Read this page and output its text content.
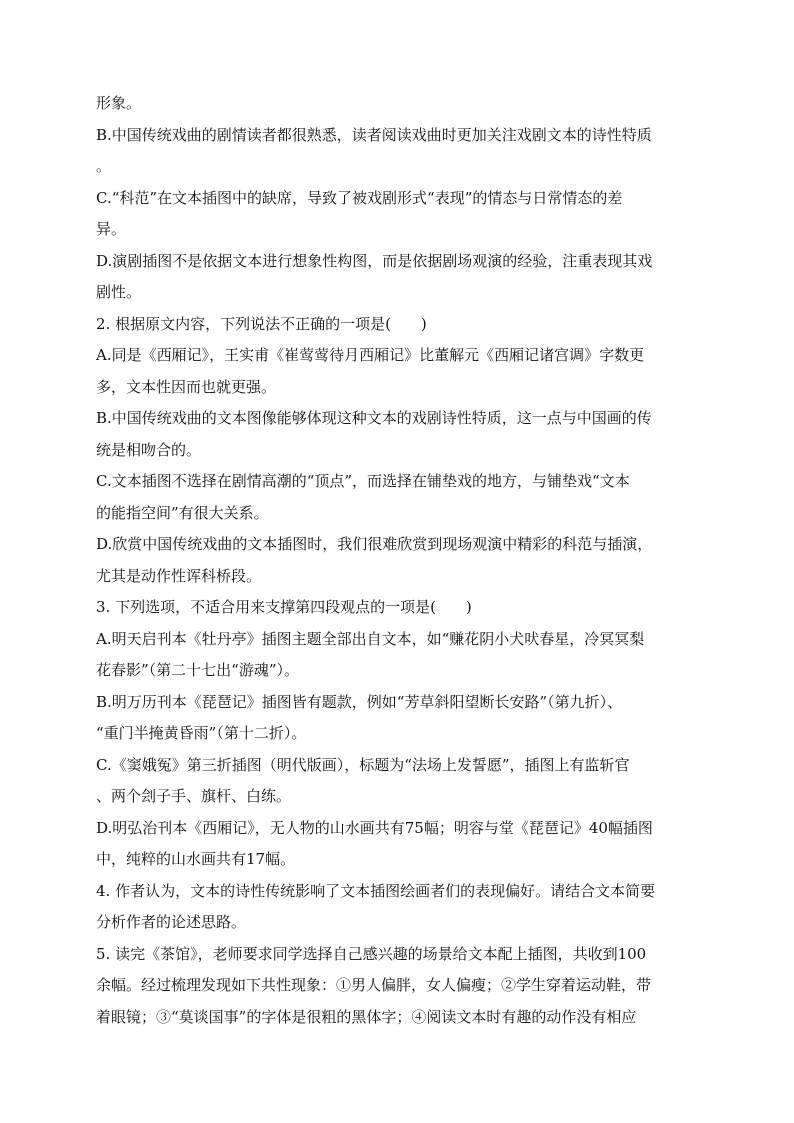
形象。
B.中国传统戏曲的剧情读者都很熟悉，读者阅读戏曲时更加关注戏剧文本的诗性特质
。
C.“科范”在文本插图中的缺席，导致了被戏剧形式“表现”的情态与日常情态的差
异。
D.演剧插图不是依据文本进行想象性构图，而是依据剧场观演的经验，注重表现其戏
剧性。
2. 根据原文内容，下列说法不正确的一项是(　　)
A.同是《西厢记》，王实甫《崔莺莺待月西厢记》比董解元《西厢记诸宫调》字数更
多，文本性因而也就更强。
B.中国传统戏曲的文本图像能够体现这种文本的戏剧诗性特质，这一点与中国画的传
统是相吻合的。
C.文本插图不选择在剧情高潮的“顶点”，而选择在铺垫戏的地方，与铺垫戏“文本
的能指空间”有很大关系。
D.欣赏中国传统戏曲的文本插图时，我们很难欣赏到现场观演中精彩的科范与插演，
尤其是动作性诨科桥段。
3. 下列选项，不适合用来支撑第四段观点的一项是(　　)
A.明天启刊本《牡丹亭》插图主题全部出自文本，如“赚花阴小犬吠春星，冷冥冥梨
花春影”（第二十七出“游魂”）。
B.明万历刊本《琵琶记》插图皆有题款，例如“芳草斜阳望断长安路”（第九折）、
“重门半掩黄昏雨”（第十二折）。
C.《窦娥冤》第三折插图（明代版画），标题为“法场上发誓愿”，插图上有监斩官
、两个刽子手、旗杆、白练。
D.明弘治刊本《西厢记》，无人物的山水画共有75幅；明容与堂《琵琶记》40幅插图
中，纯粹的山水画共有17幅。
4. 作者认为，文本的诗性传统影响了文本插图绘画者们的表现偏好。请结合文本简要
分析作者的论述思路。
5. 读完《茶馆》，老师要求同学选择自己感兴趣的场景给文本配上插图，共收到100
余幅。经过梳理发现如下共性现象：①男人偏胖，女人偏瘦；②学生穿着运动鞋，带
着眼镜；③“莫谈国事”的字体是很粗的黑体字；④阅读文本时有趣的动作没有相应
